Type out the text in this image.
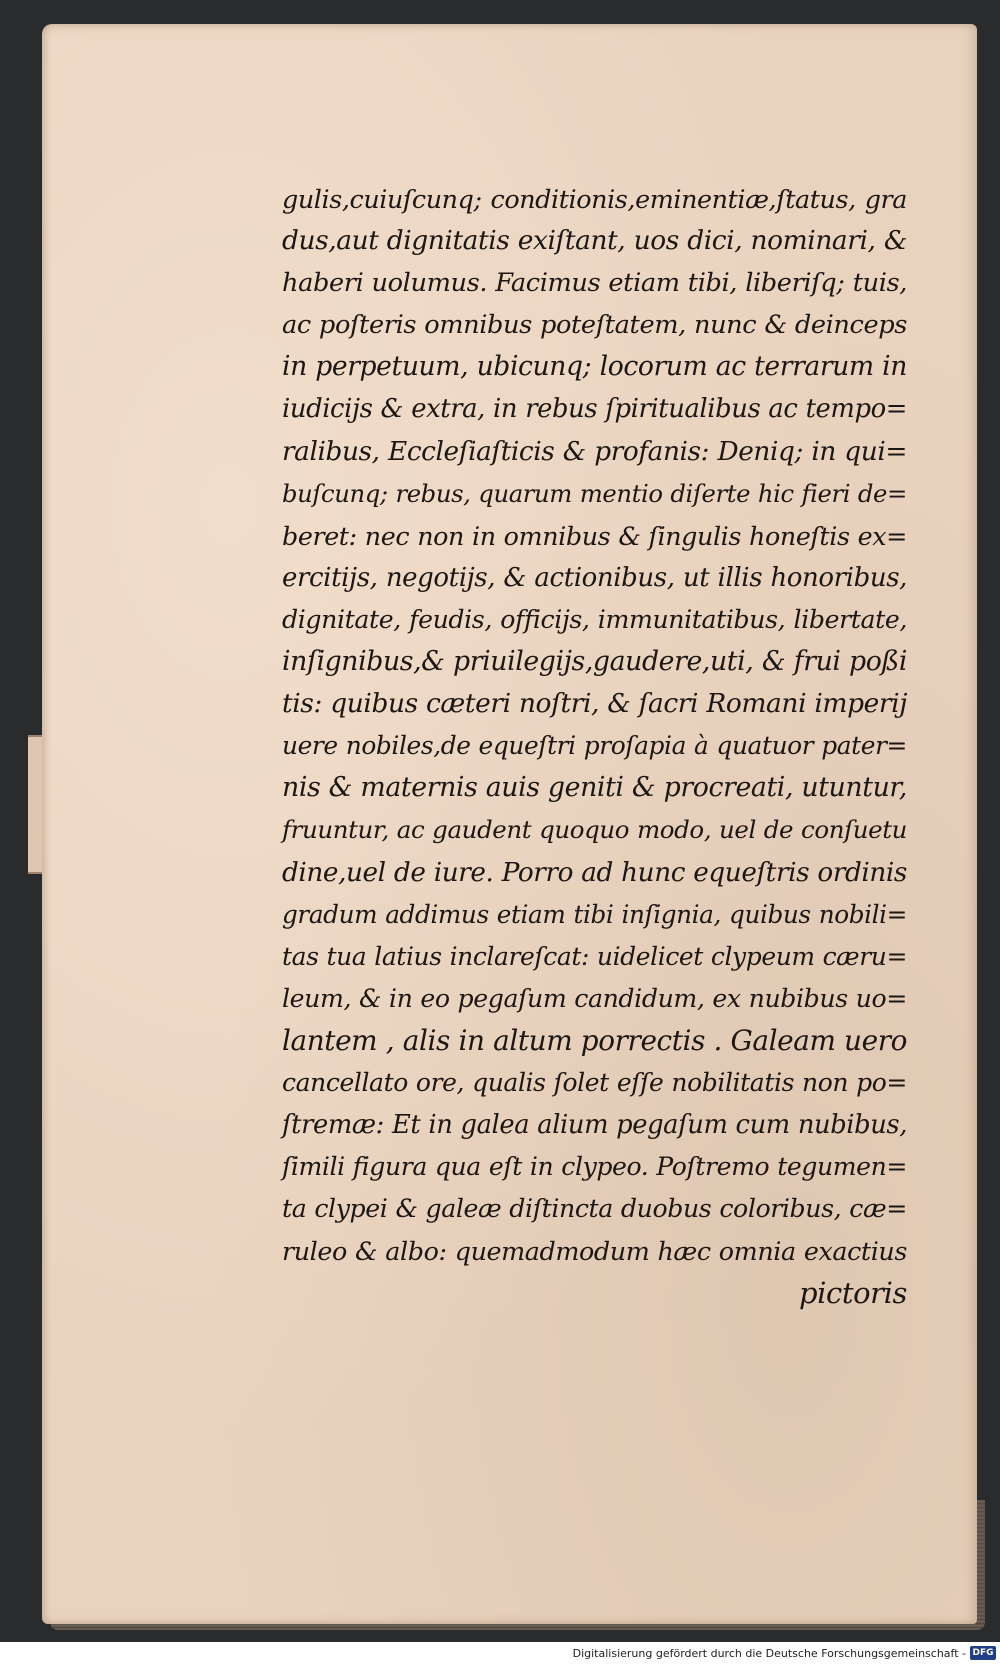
gulis,cuiuſcunq; conditionis,eminentiæ,ſtatus, gra
dus,aut dignitatis exiſtant, uos dici, nominari, &
haberi uolumus. Facimus etiam tibi, liberiſq; tuis,
ac poſteris omnibus poteſtatem, nunc & deinceps
in perpetuum, ubicunq; locorum ac terrarum in
iudicijs & extra, in rebus ſpiritualibus ac tempo=
ralibus, Eccleſiaſticis & profanis: Deniq; in qui=
buſcunq; rebus, quarum mentio diſerte hic fieri de=
beret: nec non in omnibus & ſingulis honeſtis ex=
ercitijs, negotijs, & actionibus, ut illis honoribus,
dignitate, feudis, officijs, immunitatibus, libertate,
inſignibus,& priuilegijs,gaudere,uti, & frui poßi
tis: quibus cæteri noſtri, & ſacri Romani imperij
uere nobiles,de equeſtri proſapia à quatuor pater=
nis & maternis auis geniti & procreati, utuntur,
fruuntur, ac gaudent quoquo modo, uel de conſuetu
dine,uel de iure. Porro ad hunc equeſtris ordinis
gradum addimus etiam tibi inſignia, quibus nobili=
tas tua latius inclareſcat: uidelicet clypeum cæru=
leum, & in eo pegaſum candidum, ex nubibus uo=
lantem , alis in altum porrectis . Galeam uero
cancellato ore, qualis ſolet eſſe nobilitatis non po=
ſtremæ: Et in galea alium pegaſum cum nubibus,
ſimili figura qua eſt in clypeo. Poſtremo tegumen=
ta clypei & galeæ diſtincta duobus coloribus, cæ=
ruleo & albo: quemadmodum hæc omnia exactius
pictoris
Digitalisierung gefördert durch die Deutsche Forschungsgemeinschaft - DFG
